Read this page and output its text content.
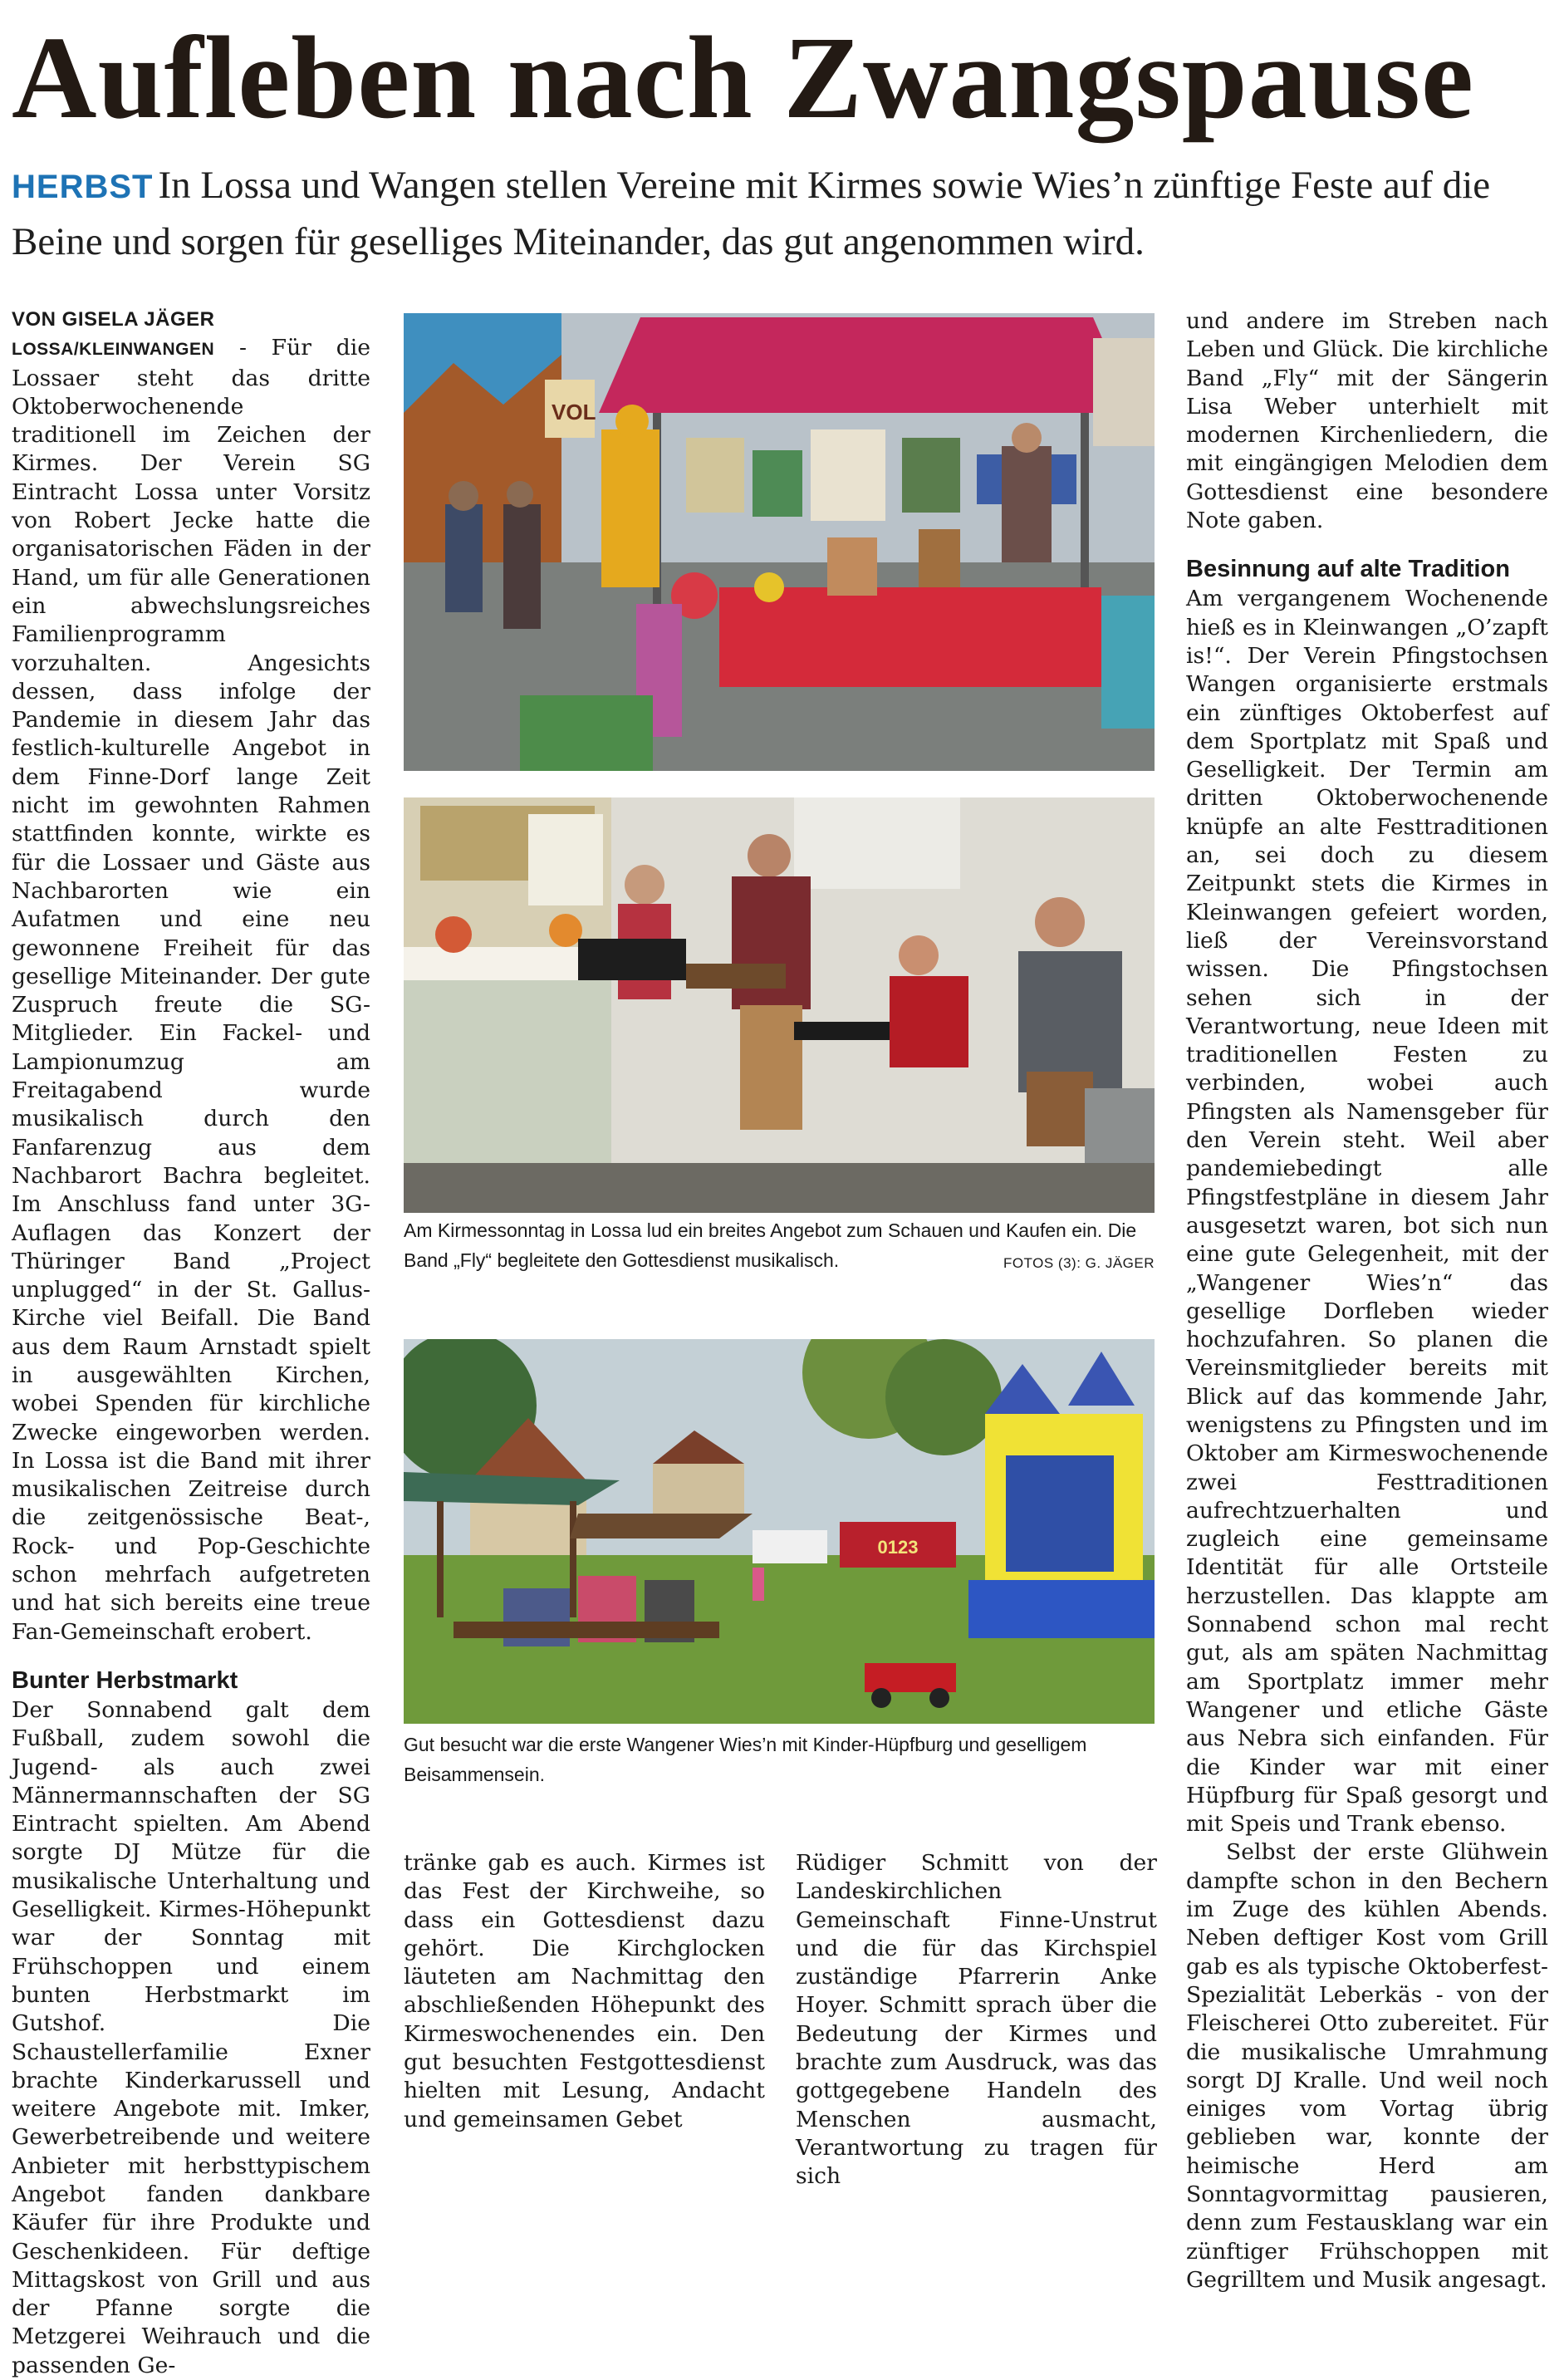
Aufleben nach Zwangspause
HERBST In Lossa und Wangen stellen Vereine mit Kirmes sowie Wies’n zünftige Feste auf die Beine und sorgen für geselliges Miteinander, das gut angenommen wird.

VON GISELA JÄGER

LOSSA/KLEINWANGEN - Für die Lossaer steht das dritte Oktoberwochenende traditionell im Zeichen der Kirmes. Der Verein SG Eintracht Lossa unter Vorsitz von Robert Jecke hatte die organisatorischen Fäden in der Hand, um für alle Generationen ein abwechslungsreiches Familienprogramm vorzuhalten. Angesichts dessen, dass infolge der Pandemie in diesem Jahr das festlich-kulturelle Angebot in dem Finne-Dorf lange Zeit nicht im gewohnten Rahmen stattfinden konnte, wirkte es für die Lossaer und Gäste aus Nachbarorten wie ein Aufatmen und eine neu gewonnene Freiheit für das gesellige Miteinander. Der gute Zuspruch freute die SG-Mitglieder. Ein Fackel- und Lampionumzug am Freitagabend wurde musikalisch durch den Fanfarenzug aus dem Nachbarort Bachra begleitet. Im Anschluss fand unter 3G-Auflagen das Konzert der Thüringer Band „Project unplugged“ in der St. Gallus-Kirche viel Beifall. Die Band aus dem Raum Arnstadt spielt in ausgewählten Kirchen, wobei Spenden für kirchliche Zwecke eingeworben werden. In Lossa ist die Band mit ihrer musikalischen Zeitreise durch die zeitgenössische Beat-, Rock- und Pop-Geschichte schon mehrfach aufgetreten und hat sich bereits eine treue Fan-Gemeinschaft erobert.

Bunter Herbstmarkt

Der Sonnabend galt dem Fußball, zudem sowohl die Jugend- als auch zwei Männermannschaften der SG Eintracht spielten. Am Abend sorgte DJ Mütze für die musikalische Unterhaltung und Geselligkeit. Kirmes-Höhepunkt war der Sonntag mit Frühschoppen und einem bunten Herbstmarkt im Gutshof. Die Schaustellerfamilie Exner brachte Kinderkarussell und weitere Angebote mit. Imker, Gewerbetreibende und weitere Anbieter mit herbsttypischem Angebot fanden dankbare Käufer für ihre Produkte und Geschenkideen. Für deftige Mittagskost von Grill und aus der Pfanne sorgte die Metzgerei Weihrauch und die passenden Ge-

VOL
Am Kirmessonntag in Lossa lud ein breites Angebot zum Schauen und Kaufen ein. Die Band „Fly“ begleitete den Gottesdienst musikalisch.	FOTOS (3): G. JÄGER
0123
Gut besucht war die erste Wangener Wies’n mit Kinder-Hüpfburg und geselligem Beisammensein.
tränke gab es auch. Kirmes ist das Fest der Kirchweihe, so dass ein Gottesdienst dazu gehört. Die Kirchglocken läuteten am Nachmittag den abschließenden Höhepunkt des Kirmeswochenendes ein. Den gut besuchten Festgottesdienst hielten mit Lesung, Andacht und gemeinsamen Gebet
Rüdiger Schmitt von der Landeskirchlichen Gemeinschaft Finne-Unstrut und die für das Kirchspiel zuständige Pfarrerin Anke Hoyer. Schmitt sprach über die Bedeutung der Kirmes und brachte zum Ausdruck, was das gottgegebene Handeln des Menschen ausmacht, Verantwortung zu tragen für sich

und andere im Streben nach Leben und Glück. Die kirchliche Band „Fly“ mit der Sängerin Lisa Weber unterhielt mit modernen Kirchenliedern, die mit eingängigen Melodien dem Gottesdienst eine besondere Note gaben.

Besinnung auf alte Tradition

Am vergangenem Wochenende hieß es in Kleinwangen „O’zapft is!“. Der Verein Pfingstochsen Wangen organisierte erstmals ein zünftiges Oktoberfest auf dem Sportplatz mit Spaß und Geselligkeit. Der Termin am dritten Oktoberwochenende knüpfe an alte Festtraditionen an, sei doch zu diesem Zeitpunkt stets die Kirmes in Kleinwangen gefeiert worden, ließ der Vereinsvorstand wissen. Die Pfingstochsen sehen sich in der Verantwortung, neue Ideen mit traditionellen Festen zu verbinden, wobei auch Pfingsten als Namensgeber für den Verein steht. Weil aber pandemiebedingt alle Pfingstfestpläne in diesem Jahr ausgesetzt waren, bot sich nun eine gute Gelegenheit, mit der „Wangener Wies’n“ das gesellige Dorfleben wieder hochzufahren. So planen die Vereinsmitglieder bereits mit Blick auf das kommende Jahr, wenigstens zu Pfingsten und im Oktober am Kirmeswochenende zwei Festtraditionen aufrechtzuerhalten und zugleich eine gemeinsame Identität für alle Ortsteile herzustellen. Das klappte am Sonnabend schon mal recht gut, als am späten Nachmittag am Sportplatz immer mehr Wangener und etliche Gäste aus Nebra sich einfanden. Für die Kinder war mit einer Hüpfburg für Spaß gesorgt und mit Speis und Trank ebenso.

Selbst der erste Glühwein dampfte schon in den Bechern im Zuge des kühlen Abends. Neben deftiger Kost vom Grill gab es als typische Oktoberfest-Spezialität Leberkäs - von der Fleischerei Otto zubereitet. Für die musikalische Umrahmung sorgt DJ Kralle. Und weil noch einiges vom Vortag übrig geblieben war, konnte der heimische Herd am Sonntagvormittag pausieren, denn zum Festausklang war ein zünftiger Frühschoppen mit Gegrilltem und Musik angesagt.
